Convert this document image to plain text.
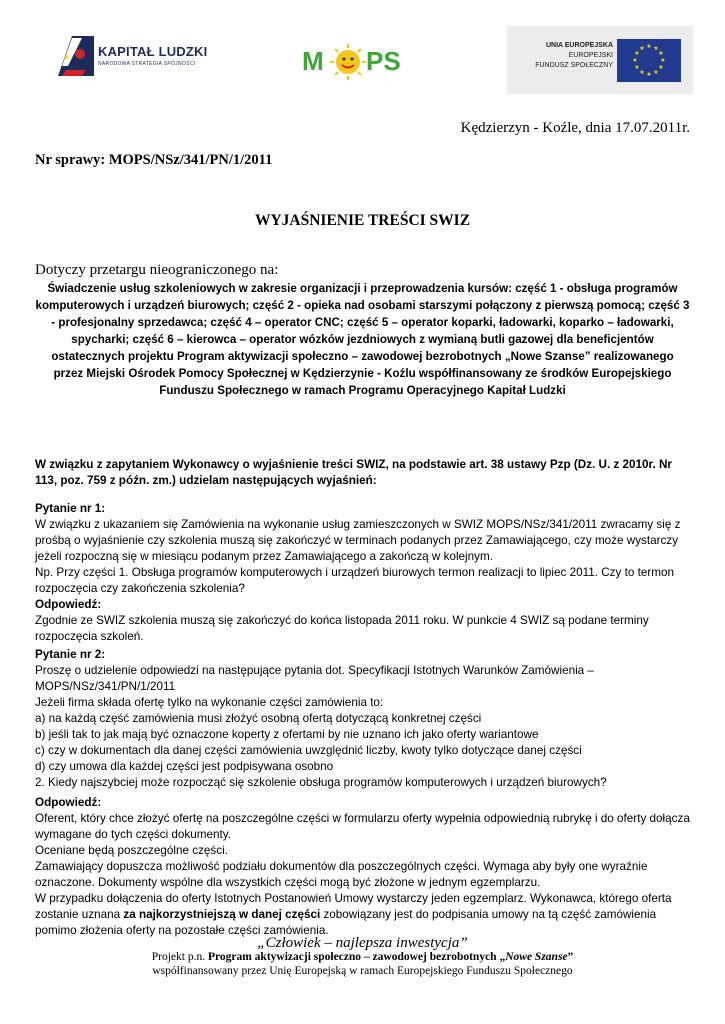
★ KAPITAŁ LUDZKI
NARODOWA STRATEGIA SPÓJNOŚCI	M PS
UNIA EUROPEJSKA
EUROPEJSKI
FUNDUSZ SPOŁECZNY
★ ★
★
★
★
★
★
★
★
★
★
★
Kędzierzyn - Koźle, dnia 17.07.2011r.
Nr sprawy: MOPS/NSz/341/PN/1/2011
WYJAŚNIENIE TREŚCI SWIZ
Dotyczy przetargu nieograniczonego na:
Świadczenie usług szkoleniowych w zakresie organizacji i przeprowadzenia kursów: część 1 - obsługa programów komputerowych i urządzeń biurowych; część 2 - opieka nad osobami starszymi połączony z pierwszą pomocą; część 3 - profesjonalny sprzedawca; część 4 – operator CNC; część 5 – operator koparki, ładowarki, koparko – ładowarki, spycharki; część 6 – kierowca – operator wózków jezdniowych z wymianą butli gazowej dla beneficjentów ostatecznych projektu Program aktywizacji społeczno – zawodowej bezrobotnych „Nowe Szanse” realizowanego przez Miejski Ośrodek Pomocy Społecznej w Kędzierzynie - Koźlu współfinansowany ze środków Europejskiego Funduszu Społecznego w ramach Programu Operacyjnego Kapitał Ludzki
W związku z zapytaniem Wykonawcy o wyjaśnienie treści SWIZ, na podstawie art. 38 ustawy Pzp (Dz. U. z 2010r. Nr 113, poz. 759 z późn. zm.) udzielam następujących wyjaśnień:

Pytanie nr 1:

W związku z ukazaniem się Zamówienia na wykonanie usług zamieszczonych w SWIZ MOPS/NSz/341/2011 zwracamy się z prośbą o wyjaśnienie czy szkolenia muszą się zakończyć w terminach podanych przez Zamawiającego, czy może wystarczy jeżeli rozpoczną się w miesiącu podanym przez Zamawiającego a zakończą w kolejnym.

Np. Przy części 1. Obsługa programów komputerowych i urządzeń biurowych termon realizacji to lipiec 2011. Czy to termon rozpoczęcia czy zakończenia szkolenia?

Odpowiedź:

Zgodnie ze SWIZ szkolenia muszą się zakończyć do końca listopada 2011 roku. W punkcie 4 SWIZ są podane terminy rozpoczęcia szkoleń.

Pytanie nr 2:

Proszę o udzielenie odpowiedzi na następujące pytania dot. Specyfikacji Istotnych Warunków Zamówienia – MOPS/NSz/341/PN/1/2011

Jeżeli firma składa ofertę tylko na wykonanie części zamówienia to:

a) na każdą część zamówienia musi złożyć osobną ofertą dotyczącą konkretnej części

b) jeśli tak to jak mają być oznaczone koperty z ofertami by nie uznano ich jako oferty wariantowe

c) czy w dokumentach dla danej części zamówienia uwzględnić liczby, kwoty tylko dotyczące danej części

d) czy umowa dla każdej części jest podpisywana osobno

2. Kiedy najszybciej może rozpocząć się szkolenie obsługa programów komputerowych i urządzeń biurowych?

Odpowiedź:

Oferent, który chce złożyć ofertę na poszczególne części w formularzu oferty wypełnia odpowiednią rubrykę i do oferty dołącza wymagane do tych części dokumenty.

Oceniane będą poszczególne części.

Zamawiający dopuszcza możliwość podziału dokumentów dla poszczególnych części. Wymaga aby były one wyraźnie oznaczone. Dokumenty wspólne dla wszystkich części mogą być złożone w jednym egzemplarzu.

W przypadku dołączenia do oferty Istotnych Postanowień Umowy wystarczy jeden egzemplarz. Wykonawca, którego oferta zostanie uznana za najkorzystniejszą w danej części zobowiązany jest do podpisania umowy na tą część zamówienia pomimo złożenia oferty na pozostałe części zamówienia.

„Człowiek – najlepsza inwestycja”
Projekt p.n. Program aktywizacji społeczno – zawodowej bezrobotnych „Nowe Szanse”
współfinansowany przez Unię Europejską w ramach Europejskiego Funduszu Społecznego
